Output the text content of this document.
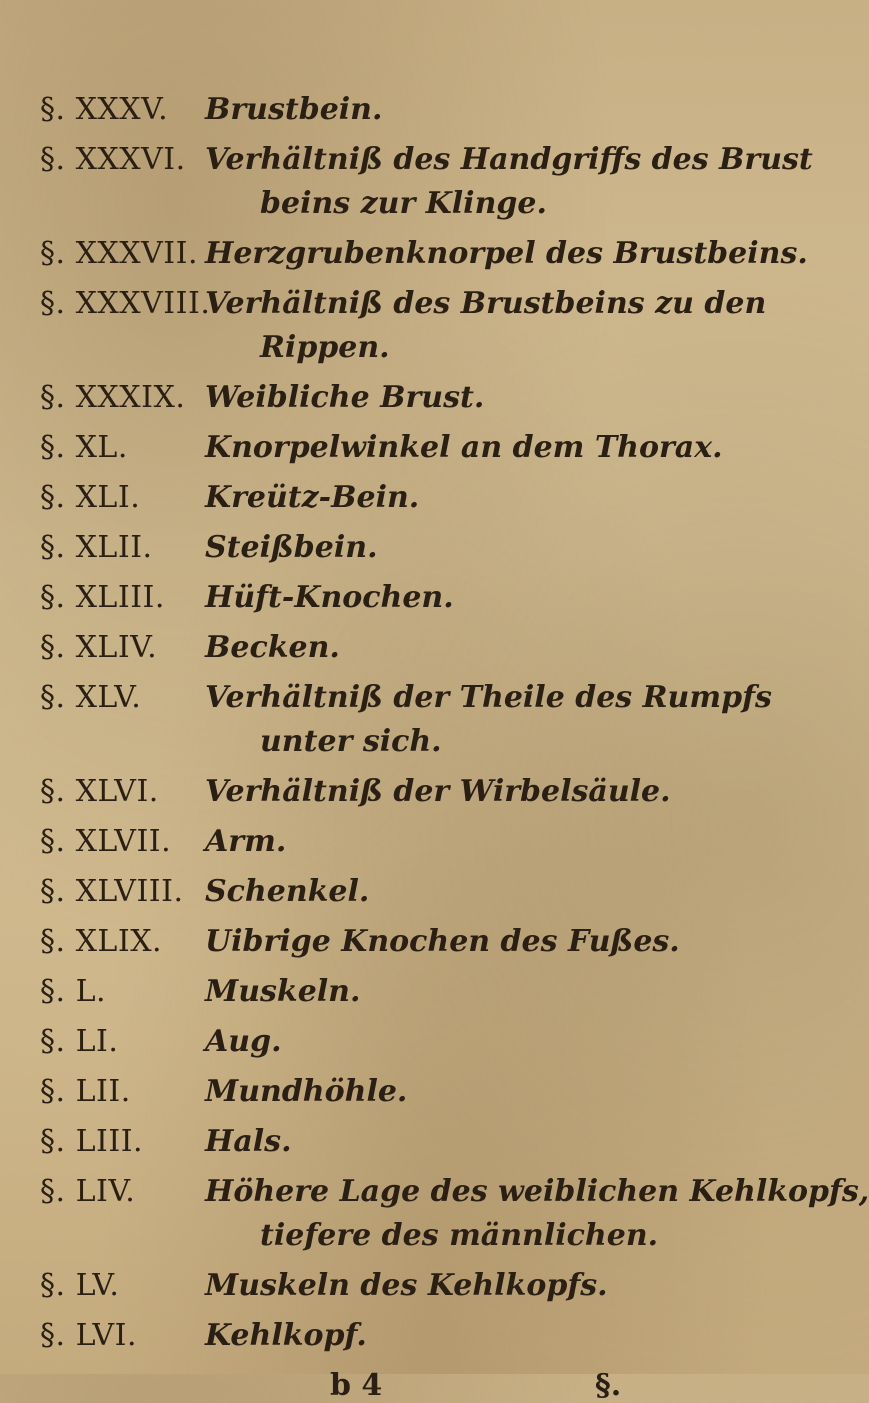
§. XXXV.	Brustbein.
§. XXXVI. Verhältniß des Handgriffs des Brust
beins zur Klinge.
§. XXXVII. Herzgrubenknorpel des Brustbeins.
§. XXXVIII.
Verhältniß des Brustbeins zu den
Rippen.
§. XXXIX. Weibliche Brust.
§. XL.	Knorpelwinkel an dem Thorax.
§. XLI.	Kreütz-Bein.
§. XLII.	Steißbein.
§. XLIII.	Hüft-Knochen.
§. XLIV.	Becken.
§. XLV.	Verhältniß der Theile des Rumpfs
unter sich.
§. XLVI.	Verhältniß der Wirbelsäule.
§. XLVII.	Arm.
§. XLVIII. Schenkel.
§. XLIX.	Uibrige Knochen des Fußes.
§. L.	Muskeln.
§. LI.	Aug.
§. LII.	Mundhöhle.
§. LIII.	Hals.
§. LIV.	Höhere Lage des weiblichen Kehlkopfs,
tiefere des männlichen.
§. LV.	Muskeln des Kehlkopfs.
§. LVI.	Kehlkopf.
b 4	§.
